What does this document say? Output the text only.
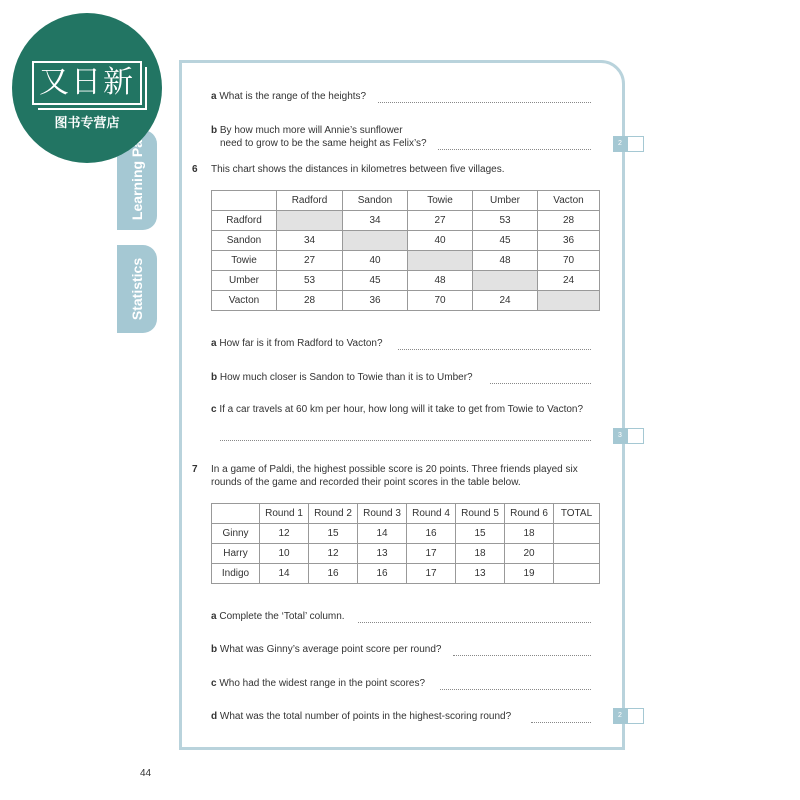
Learning Pa
Statistics
又日新
图书专营店
a What is the range of the heights?
b By how much more will Annie’s sunflower
need to grow to be the same height as Felix’s?	2
6 This chart shows the distances in kilometres between five villages.
	Radford	Sandon	Towie	Umber	Vacton
Radford		34	27	53	28
Sandon	34		40	45	36
Towie	27	40		48	70
Umber	53	45	48		24
Vacton	28	36	70	24	
a How far is it from Radford to Vacton?
b How much closer is Sandon to Towie than it is to Umber?
c If a car travels at 60 km per hour, how long will it take to get from Towie to Vacton?
3
7 In a game of Paldi, the highest possible score is 20 points. Three friends played six
rounds of the game and recorded their point scores in the table below.
	Round 1	Round 2	Round 3	Round 4	Round 5	Round 6	TOTAL
Ginny	12	15	14	16	15	18	
Harry	10	12	13	17	18	20	
Indigo	14	16	16	17	13	19	
a Complete the ‘Total’ column.
b What was Ginny’s average point score per round?
c Who had the widest range in the point scores?
d What was the total number of points in the highest-scoring round?	2
44
